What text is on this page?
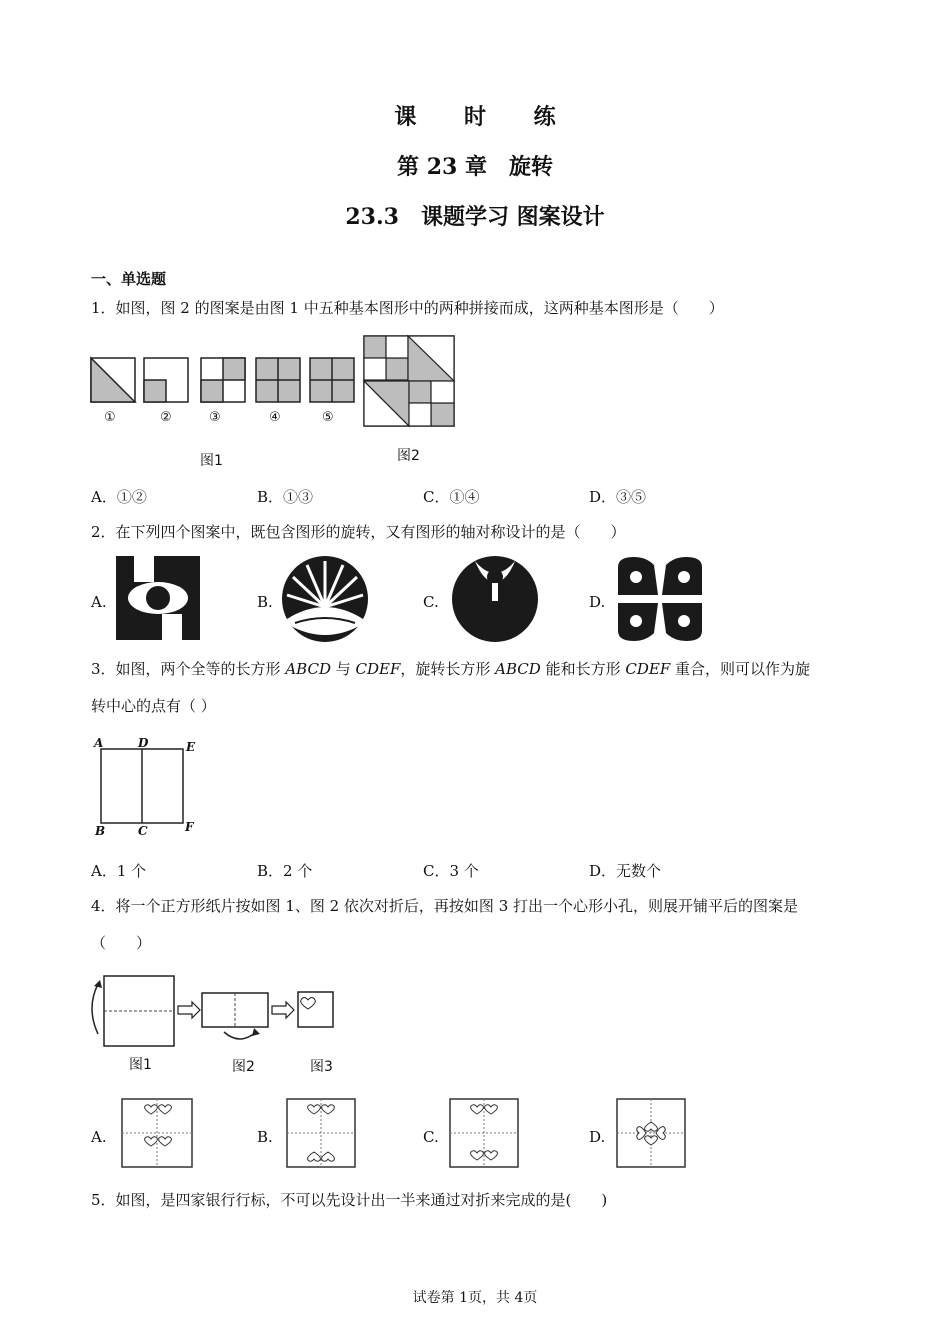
课 时 练
第 23 章　旋转
23.3　课题学习 图案设计
一、单选题
1．如图，图 2 的图案是由图 1 中五种基本图形中的两种拼接而成，这两种基本图形是（　　）
①	②	③	④	⑤
图1	图2
A．①②	B．①③	C．①④	D．③⑤
2．在下列四个图案中，既包含图形的旋转，又有图形的轴对称设计的是（　　）
A.	B.	C.	D.
3．如图，两个全等的长方形 ABCD 与 CDEF，旋转长方形 ABCD 能和长方形 CDEF 重合，则可以作为旋
转中心的点有（ ）
A	D	E
B	C	F
A．1 个	B．2 个	C．3 个	D．无数个
4．将一个正方形纸片按如图 1、图 2 依次对折后，再按如图 3 打出一个心形小孔，则展开铺平后的图案是
（　　）
图1	图2	图3
A.	B.	C.	D.
5．如图，是四家银行行标，不可以先设计出一半来通过对折来完成的是(　　)
试卷第 1页，共 4页
